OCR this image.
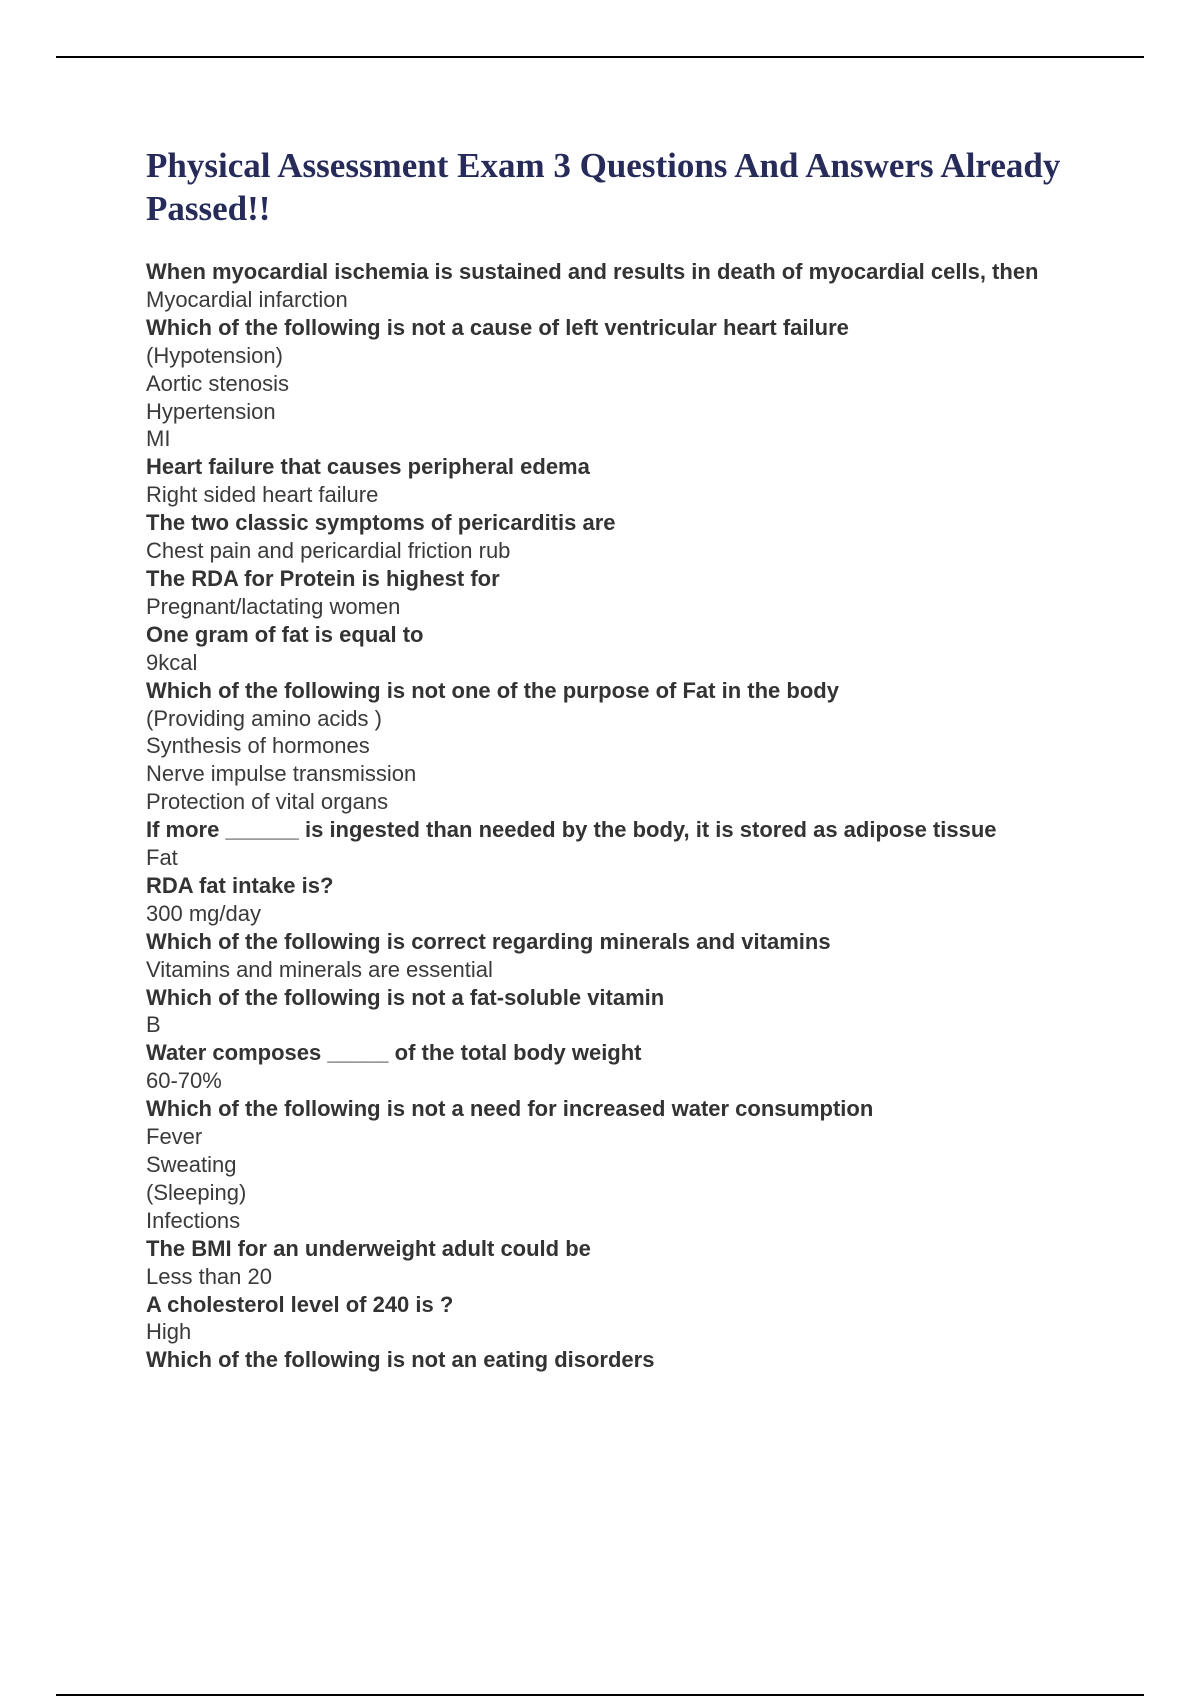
Physical Assessment Exam 3 Questions And Answers Already Passed!!

When myocardial ischemia is sustained and results in death of myocardial cells, then

Myocardial infarction

Which of the following is not a cause of left ventricular heart failure

(Hypotension)

Aortic stenosis

Hypertension

MI

Heart failure that causes peripheral edema

Right sided heart failure

The two classic symptoms of pericarditis are

Chest pain and pericardial friction rub

The RDA for Protein is highest for

Pregnant/lactating women

One gram of fat is equal to

9kcal

Which of the following is not one of the purpose of Fat in the body

(Providing amino acids )

Synthesis of hormones

Nerve impulse transmission

Protection of vital organs

If more ______ is ingested than needed by the body, it is stored as adipose tissue

Fat

RDA fat intake is?

300 mg/day

Which of the following is correct regarding minerals and vitamins

Vitamins and minerals are essential

Which of the following is not a fat-soluble vitamin

B

Water composes _____ of the total body weight

60-70%

Which of the following is not a need for increased water consumption

Fever

Sweating

(Sleeping)

Infections

The BMI for an underweight adult could be

Less than 20

A cholesterol level of 240 is ?

High

Which of the following is not an eating disorders
